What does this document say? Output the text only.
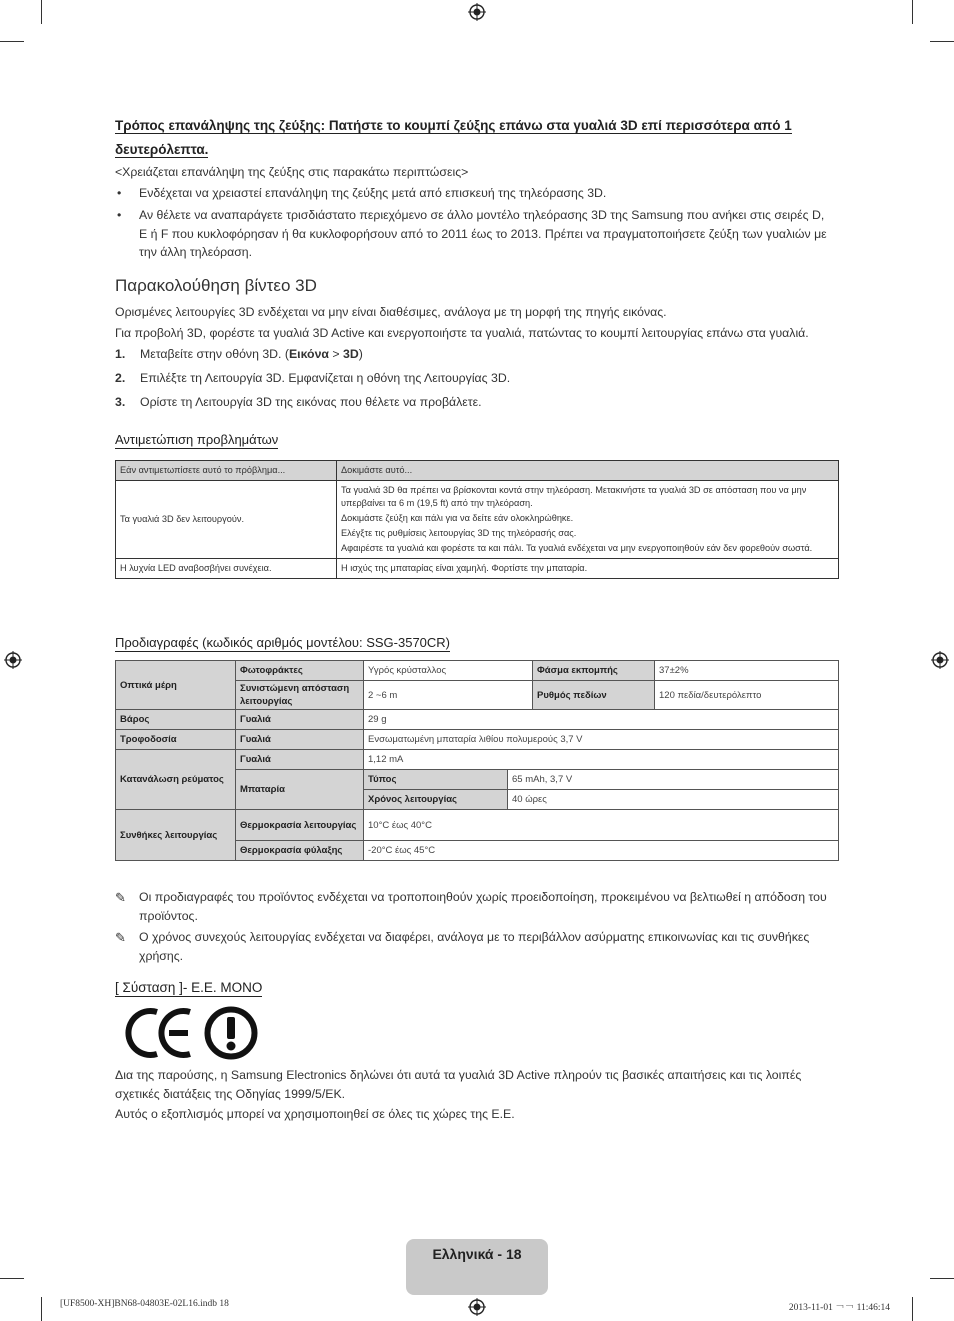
Τρόπος επανάληψης της ζεύξης: Πατήστε το κουμπί ζεύξης επάνω στα γυαλιά 3D επί περισσότερα από 1
δευτερόλεπτα.
<Χρειάζεται επανάληψη της ζεύξης στις παρακάτω περιπτώσεις>
• Ενδέχεται να χρειαστεί επανάληψη της ζεύξης μετά από επισκευή της τηλεόρασης 3D.
• Αν θέλετε να αναπαράγετε τρισδιάστατο περιεχόμενο σε άλλο μοντέλο τηλεόρασης 3D της Samsung που ανήκει στις σειρές D, E ή F που κυκλοφόρησαν ή θα κυκλοφορήσουν από το 2011 έως το 2013. Πρέπει να πραγματοποιήσετε ζεύξη των γυαλιών με την άλλη τηλεόραση.
Παρακολούθηση βίντεο 3D
Ορισμένες λειτουργίες 3D ενδέχεται να μην είναι διαθέσιμες, ανάλογα με τη μορφή της πηγής εικόνας.
Για προβολή 3D, φορέστε τα γυαλιά 3D Active και ενεργοποιήστε τα γυαλιά, πατώντας το κουμπί λειτουργίας επάνω στα γυαλιά.
1. Μεταβείτε στην οθόνη 3D. (Εικόνα > 3D)
2. Επιλέξτε τη Λειτουργία 3D. Εμφανίζεται η οθόνη της Λειτουργίας 3D.
3. Ορίστε τη Λειτουργία 3D της εικόνας που θέλετε να προβάλετε.
Αντιμετώπιση προβλημάτων
Εάν αντιμετωπίσετε αυτό το πρόβλημα...	Δοκιμάστε αυτό...
Τα γυαλιά 3D δεν λειτουργούν.	Τα γυαλιά 3D θα πρέπει να βρίσκονται κοντά στην τηλεόραση. Μετακινήστε τα γυαλιά 3D σε απόσταση που να μην υπερβαίνει τα 6 m (19,5 ft) από την τηλεόραση.
Δοκιμάστε ζεύξη και πάλι για να δείτε εάν ολοκληρώθηκε.
Ελέγξτε τις ρυθμίσεις λειτουργίας 3D της τηλεόρασής σας.
Αφαιρέστε τα γυαλιά και φορέστε τα και πάλι. Τα γυαλιά ενδέχεται να μην ενεργοποιηθούν εάν δεν φορεθούν σωστά.

Η λυχνία LED αναβοσβήνει συνέχεια.	Η ισχύς της μπαταρίας είναι χαμηλή. Φορτίστε την μπαταρία.
Προδιαγραφές (κωδικός αριθμός μοντέλου: SSG-3570CR)
Οπτικά μέρη	Φωτοφράκτες	Υγρός κρύσταλλος		Φάσμα εκπομπής	37±2%
	Συνιστώμενη απόσταση λειτουργίας	2 ~6 m		Ρυθμός πεδίων	120 πεδία/δευτερόλεπτο
Βάρος	Γυαλιά	29 g			
Τροφοδοσία	Γυαλιά	Ενσωματωμένη μπαταρία λιθίου πολυμερούς 3,7 V			
Κατανάλωση ρεύματος	Γυαλιά	1,12 mA			
	Μπαταρία	Τύπος	65 mAh, 3,7 V		
		Χρόνος λειτουργίας	40 ώρες		
Συνθήκες λειτουργίας	Θερμοκρασία λειτουργίας	10°C έως 40°C			
	Θερμοκρασία φύλαξης	-20°C έως 45°C			
✎ Οι προδιαγραφές του προϊόντος ενδέχεται να τροποποιηθούν χωρίς προειδοποίηση, προκειμένου να βελτιωθεί η απόδοση του προϊόντος.
✎ Ο χρόνος συνεχούς λειτουργίας ενδέχεται να διαφέρει, ανάλογα με το περιβάλλον ασύρματης επικοινωνίας και τις συνθήκες χρήσης.
[ Σύσταση ]- Ε.Ε. ΜΟΝΟ
Δια της παρούσης, η Samsung Electronics δηλώνει ότι αυτά τα γυαλιά 3D Active πληρούν τις βασικές απαιτήσεις και τις λοιπές σχετικές διατάξεις της Οδηγίας 1999/5/ΕΚ.
Αυτός ο εξοπλισμός μπορεί να χρησιμοποιηθεί σε όλες τις χώρες της Ε.Ε.
Ελληνικά - 18
[UF8500-XH]BN68-04803E-02L16.indb 18	2013-11-01 ￢￢ 11:46:14
